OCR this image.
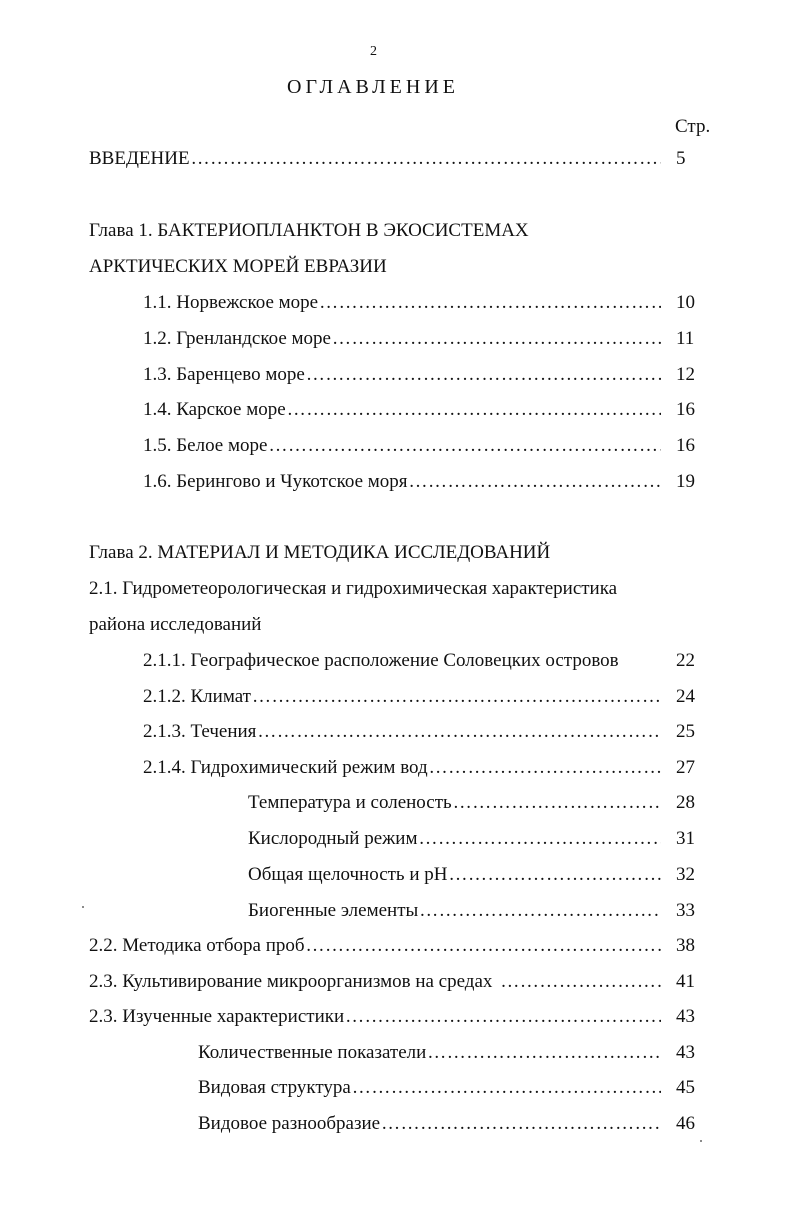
2
ОГЛАВЛЕНИЕ
Стр.
ВВЕДЕНИЕ …………………………………………………………………………………………………………………………………………………………………………………………………………	5
Глава 1. БАКТЕРИОПЛАНКТОН В ЭКОСИСТЕМАХ
АРКТИЧЕСКИХ МОРЕЙ ЕВРАЗИИ
1.1. Норвежское море …………………………………………………………………………………………………………………………………………………………………………………………………………	10
1.2. Гренландское море …………………………………………………………………………………………………………………………………………………………………………………………………………	11
1.3. Баренцево море …………………………………………………………………………………………………………………………………………………………………………………………………………	12
1.4. Карское море …………………………………………………………………………………………………………………………………………………………………………………………………………	16
1.5. Белое море …………………………………………………………………………………………………………………………………………………………………………………………………………	16
1.6. Берингово и Чукотское моря …………………………………………………………………………………………………………………………………………………………………………………………………………	19
Глава 2. МАТЕРИАЛ И МЕТОДИКА ИССЛЕДОВАНИЙ
2.1. Гидрометеорологическая и гидрохимическая характеристика
района исследований
2.1.1. Географическое расположение Соловецких островов	22
2.1.2. Климат …………………………………………………………………………………………………………………………………………………………………………………………………………	24
2.1.3. Течения …………………………………………………………………………………………………………………………………………………………………………………………………………	25
2.1.4. Гидрохимический режим вод …………………………………………………………………………………………………………………………………………………………………………………………………………	27
Температура и соленость …………………………………………………………………………………………………………………………………………………………………………………………………………	28
Кислородный режим …………………………………………………………………………………………………………………………………………………………………………………………………………	31
Общая щелочность и pH …………………………………………………………………………………………………………………………………………………………………………………………………………	32
Биогенные элементы …………………………………………………………………………………………………………………………………………………………………………………………………………	33
2.2. Методика отбора проб …………………………………………………………………………………………………………………………………………………………………………………………………………	38
2.3. Культивирование микроорганизмов на средах …………………………………………………………………………………………………………………………………………………………………………………………………………	41
2.3. Изученные характеристики …………………………………………………………………………………………………………………………………………………………………………………………………………	43
Количественные показатели …………………………………………………………………………………………………………………………………………………………………………………………………………	43
Видовая структура …………………………………………………………………………………………………………………………………………………………………………………………………………	45
Видовое разнообразие …………………………………………………………………………………………………………………………………………………………………………………………………………	46
